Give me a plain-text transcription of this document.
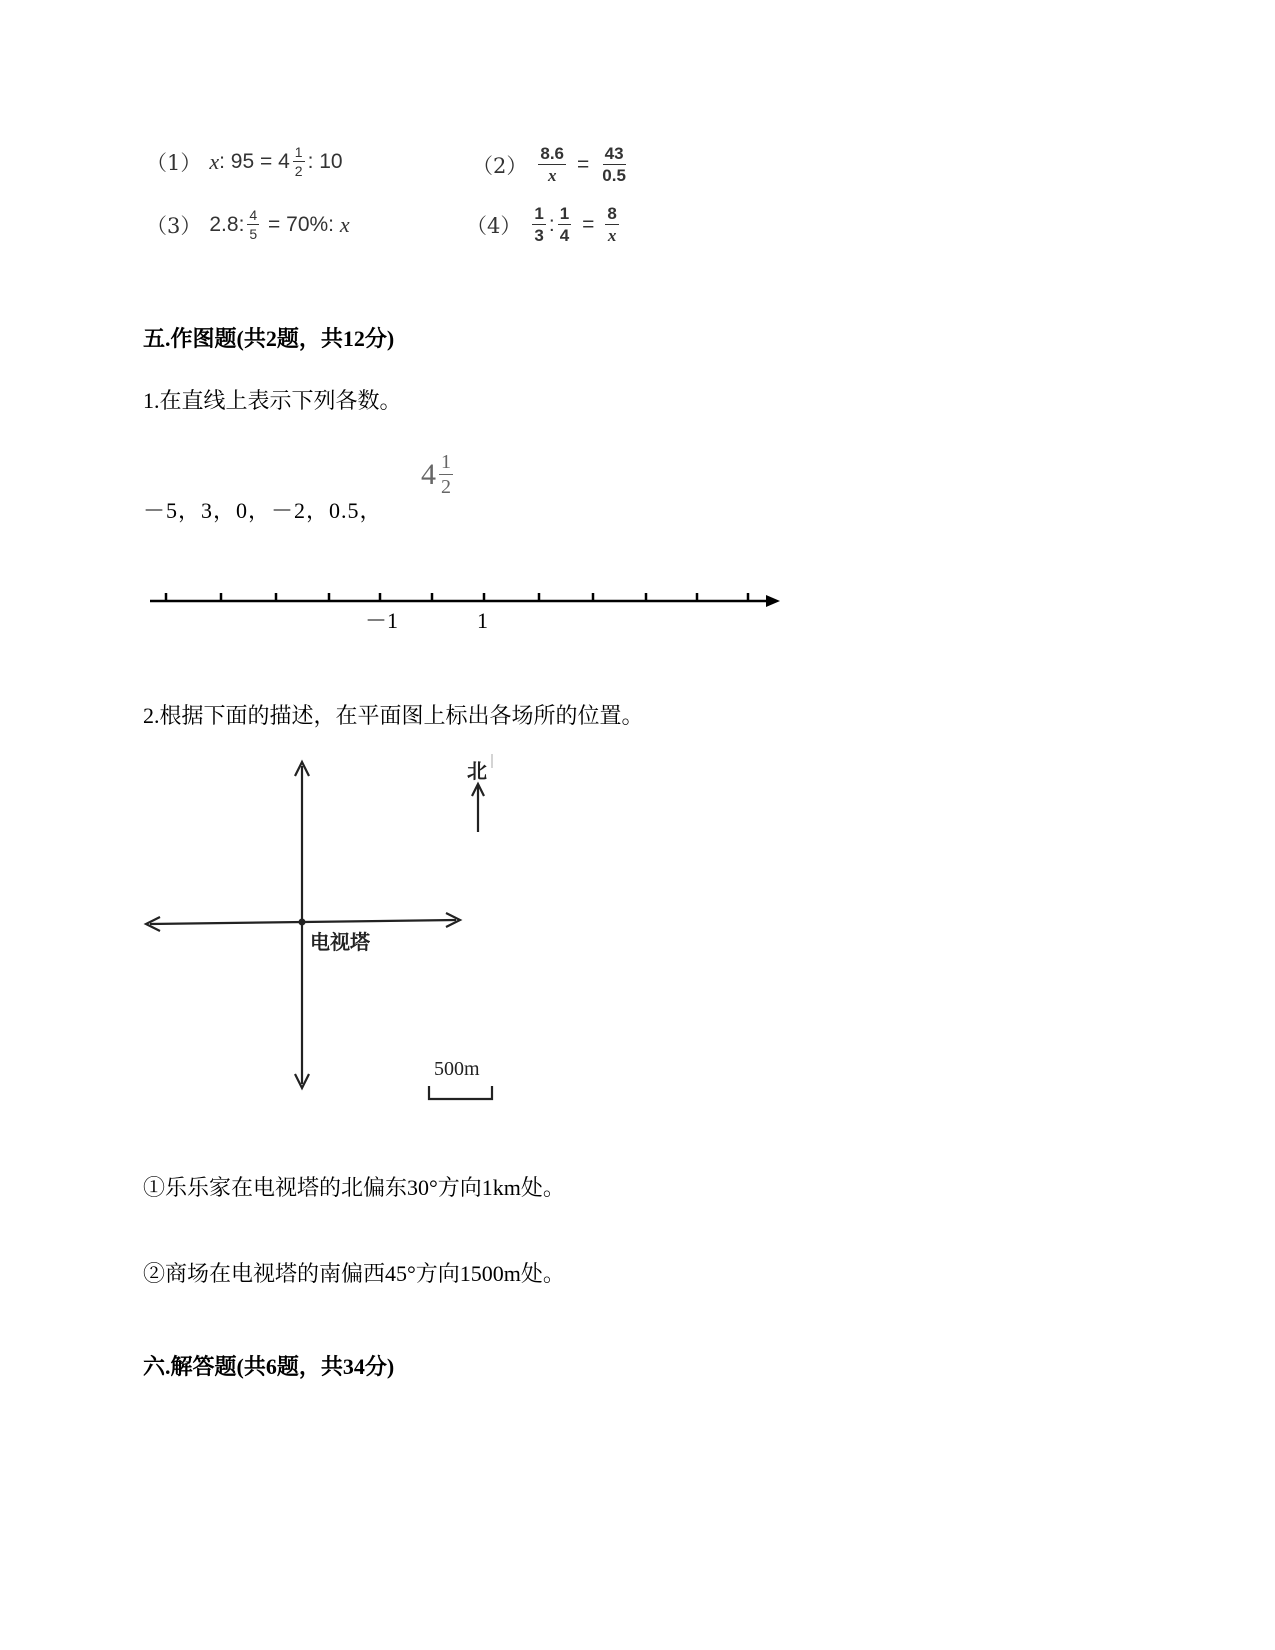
（1） x : $95 = 4 \frac{1}{2}$ : 10	$(2) \frac{8.6}{x} = \frac{43}{0.5}$
（3） 2.8: $\frac{4}{5} = 70\%$: x	$(4) \frac{1}{3}$ : $\frac{1}{4} = \frac{8}{x}$
五.作图题(共2题，共12分)
1.在直线上表示下列各数。
－5，3，0，－2，0.5，
$4 \frac{1}{2}$
－1	1
2.根据下面的描述，在平面图上标出各场所的位置。
电视塔
北
500m
①乐乐家在电视塔的北偏东30°方向1km处。
②商场在电视塔的南偏西45°方向1500m处。
六.解答题(共6题，共34分)
